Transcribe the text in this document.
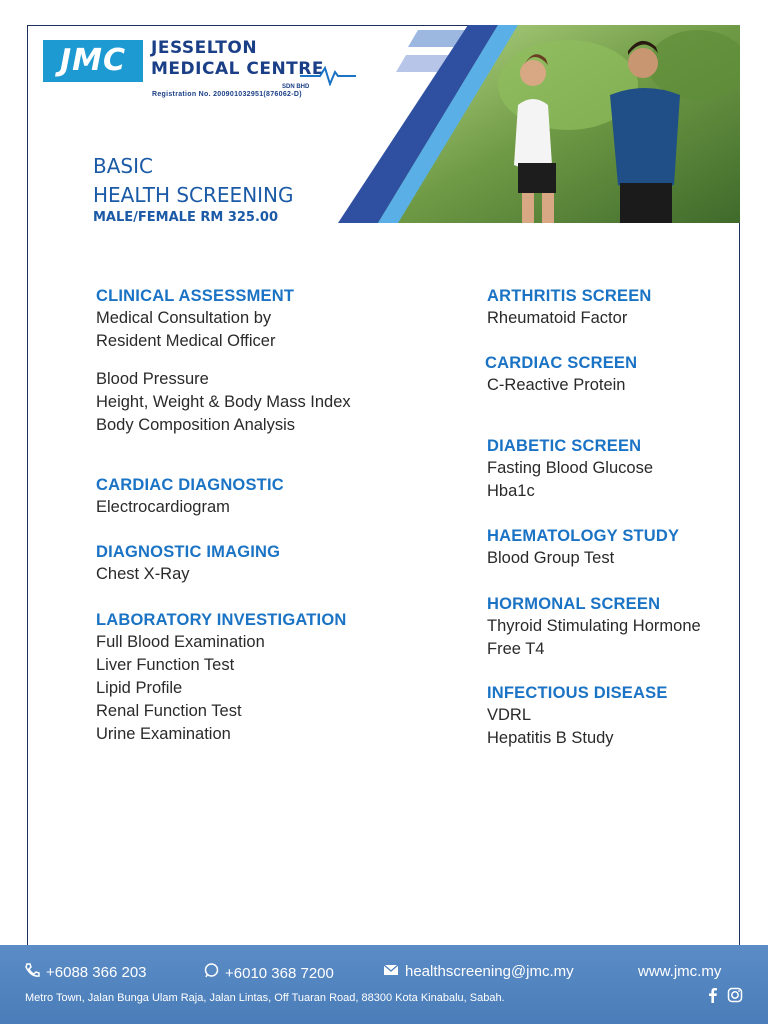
JMC	JESSELTON
MEDICAL CENTRE
SDN BHD
Registration No. 200901032951(876062-D)
BASIC
HEALTH SCREENING
MALE/FEMALE RM 325.00
CLINICAL ASSESSMENT
Medical Consultation by
Resident Medical Officer
Blood Pressure
Height, Weight & Body Mass Index
Body Composition Analysis
CARDIAC DIAGNOSTIC
Electrocardiogram
DIAGNOSTIC IMAGING
Chest X-Ray
LABORATORY INVESTIGATION
Full Blood Examination
Liver Function Test
Lipid Profile
Renal Function Test
Urine Examination
ARTHRITIS SCREEN
Rheumatoid Factor
CARDIAC SCREEN
C-Reactive Protein
DIABETIC SCREEN
Fasting Blood Glucose
Hba1c
HAEMATOLOGY STUDY
Blood Group Test
HORMONAL SCREEN
Thyroid Stimulating Hormone
Free T4
INFECTIOUS DISEASE
VDRL
Hepatitis B Study
+6088 366 203	+6010 368 7200	healthscreening@jmc.my	www.jmc.my
Metro Town, Jalan Bunga Ulam Raja, Jalan Lintas, Off Tuaran Road, 88300 Kota Kinabalu, Sabah.
